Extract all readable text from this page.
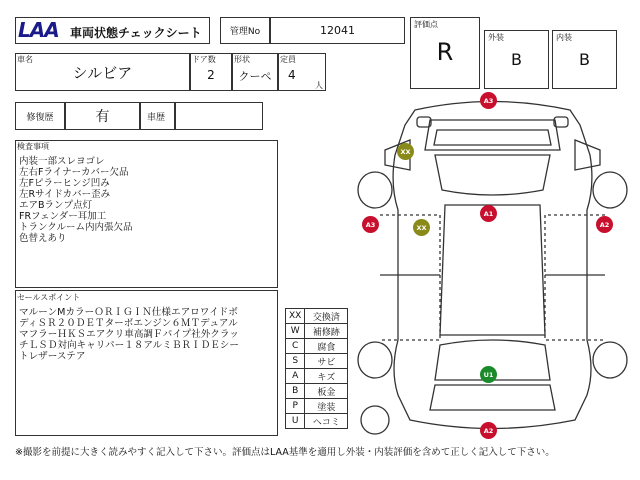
LAA 車両状態チェックシート	管理No	12041	評価点
R
外装
B
内装
B
車名
シルビア
ドア数
2
形状
クーペ
定員
4
人
修復歴	有	車歴
検査事項
内装一部スレヨゴレ
左右Fライナーカバー欠品
左Fピラーヒンジ凹み
左Rサイドカバー歪み
エアBランプ点灯
FRフェンダー耳加工
トランクルーム内内張欠品
色替えあり
セールスポイント
マルーンMカラーＯＲＩＧＩＮ仕様エアロワイドボ
ディＳＲ２０ＤＥＴターボエンジン６ＭＴデュアル
マフラーＨＫＳエアクリ車高調Ｆパイプ社外クラッ
チＬＳＤ対向キャリパー１８アルミＢＲＩＤＥシー
トレザーステア
XX	交換済
W	補修跡
C	腐食
S	サビ
A	キズ
B	板金
P	塗装
U	ヘコミ
A3
XX
A1
A3	XX	A2
U1
A2
※撮影を前提に大きく読みやすく記入して下さい。評価点はLAA基準を適用し外装・内装評価を含めて正しく記入して下さい。
